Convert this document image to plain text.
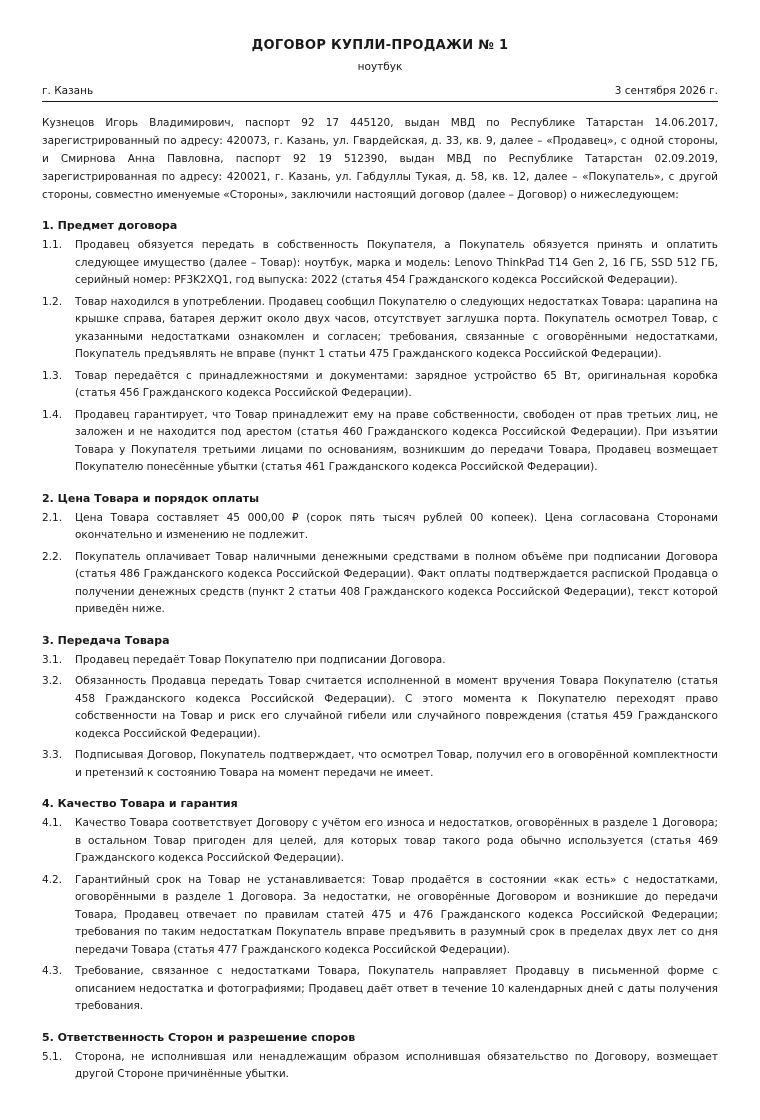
ДОГОВОР КУПЛИ-ПРОДАЖИ № 1
ноутбук
г. Казань	3 сентября 2026 г.

Кузнецов Игорь Владимирович, паспорт 92 17 445120, выдан МВД по Республике Татарстан 14.06.2017, зарегистрированный по адресу: 420073, г. Казань, ул. Гвардейская, д. 33, кв. 9, далее – «Продавец», с одной стороны, и Смирнова Анна Павловна, паспорт 92 19 512390, выдан МВД по Республике Татарстан 02.09.2019, зарегистрированная по адресу: 420021, г. Казань, ул. Габдуллы Тукая, д. 58, кв. 12, далее – «Покупатель», с другой стороны, совместно именуемые «Стороны», заключили настоящий договор (далее – Договор) о нижеследующем:

1. Предмет договора
1.1.	Продавец обязуется передать в собственность Покупателя, а Покупатель обязуется принять и оплатить следующее имущество (далее – Товар): ноутбук, марка и модель: Lenovo ThinkPad T14 Gen 2, 16 ГБ, SSD 512 ГБ, серийный номер: PF3K2XQ1, год выпуска: 2022 (статья 454 Гражданского кодекса Российской Федерации).
1.2.	Товар находился в употреблении. Продавец сообщил Покупателю о следующих недостатках Товара: царапина на крышке справа, батарея держит около двух часов, отсутствует заглушка порта. Покупатель осмотрел Товар, с указанными недостатками ознакомлен и согласен; требования, связанные с оговорёнными недостатками, Покупатель предъявлять не вправе (пункт 1 статьи 475 Гражданского кодекса Российской Федерации).
1.3.	Товар передаётся с принадлежностями и документами: зарядное устройство 65 Вт, оригинальная коробка (статья 456 Гражданского кодекса Российской Федерации).
1.4.	Продавец гарантирует, что Товар принадлежит ему на праве собственности, свободен от прав третьих лиц, не заложен и не находится под арестом (статья 460 Гражданского кодекса Российской Федерации). При изъятии Товара у Покупателя третьими лицами по основаниям, возникшим до передачи Товара, Продавец возмещает Покупателю понесённые убытки (статья 461 Гражданского кодекса Российской Федерации).
2. Цена Товара и порядок оплаты
2.1.	Цена Товара составляет 45 000,00 ₽ (сорок пять тысяч рублей 00 копеек). Цена согласована Сторонами окончательно и изменению не подлежит.
2.2.	Покупатель оплачивает Товар наличными денежными средствами в полном объёме при подписании Договора (статья 486 Гражданского кодекса Российской Федерации). Факт оплаты подтверждается распиской Продавца о получении денежных средств (пункт 2 статьи 408 Гражданского кодекса Российской Федерации), текст которой приведён ниже.
3. Передача Товара
3.1.	Продавец передаёт Товар Покупателю при подписании Договора.
3.2.	Обязанность Продавца передать Товар считается исполненной в момент вручения Товара Покупателю (статья 458 Гражданского кодекса Российской Федерации). С этого момента к Покупателю переходят право собственности на Товар и риск его случайной гибели или случайного повреждения (статья 459 Гражданского кодекса Российской Федерации).
3.3.	Подписывая Договор, Покупатель подтверждает, что осмотрел Товар, получил его в оговорённой комплектности и претензий к состоянию Товара на момент передачи не имеет.
4. Качество Товара и гарантия
4.1.	Качество Товара соответствует Договору с учётом его износа и недостатков, оговорённых в разделе 1 Договора; в остальном Товар пригоден для целей, для которых товар такого рода обычно используется (статья 469 Гражданского кодекса Российской Федерации).
4.2.	Гарантийный срок на Товар не устанавливается: Товар продаётся в состоянии «как есть» с недостатками, оговорёнными в разделе 1 Договора. За недостатки, не оговорённые Договором и возникшие до передачи Товара, Продавец отвечает по правилам статей 475 и 476 Гражданского кодекса Российской Федерации; требования по таким недостаткам Покупатель вправе предъявить в разумный срок в пределах двух лет со дня передачи Товара (статья 477 Гражданского кодекса Российской Федерации).
4.3.	Требование, связанное с недостатками Товара, Покупатель направляет Продавцу в письменной форме с описанием недостатка и фотографиями; Продавец даёт ответ в течение 10 календарных дней с даты получения требования.
5. Ответственность Сторон и разрешение споров
5.1.	Сторона, не исполнившая или ненадлежащим образом исполнившая обязательство по Договору, возмещает другой Стороне причинённые убытки.
